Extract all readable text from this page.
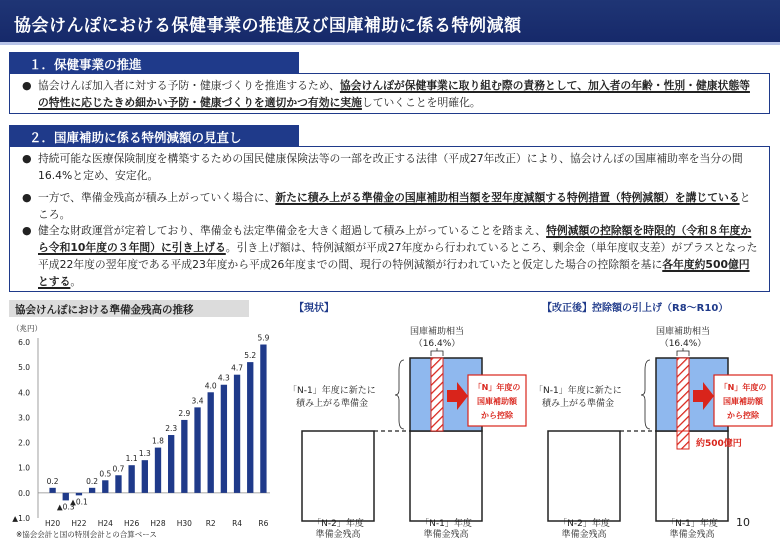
協会けんぽにおける保健事業の推進及び国庫補助に係る特例減額
１．保健事業の推進
● 協会けんぽ加入者に対する予防・健康づくりを推進するため、協会けんぽが保健事業に取り組む際の責務として、加入者の年齢・性別・健康状態等の特性に応じたきめ細かい予防・健康づくりを適切かつ有効に実施していくことを明確化。
２．国庫補助に係る特例減額の見直し
● 持続可能な医療保険制度を構築するための国民健康保険法等の一部を改正する法律（平成27年改正）により、協会けんぽの国庫補助率を当分の間16.4%と定め、安定化。
● 一方で、準備金残高が積み上がっていく場合に、新たに積み上がる準備金の国庫補助相当額を翌年度減額する特例措置（特例減額）を講じているところ。
● 健全な財政運営が定着しており、準備金も法定準備金を大きく超過して積み上がっていることを踏まえ、特例減額の控除額を時限的（令和８年度から令和10年度の３年間）に引き上げる。引き上げ額は、特例減額が平成27年度から行われているところ、剰余金（単年度収支差）がプラスとなった平成22年度の翌年度である平成23年度から平成26年度までの間、現行の特例減額が行われていたと仮定した場合の控除額を基に各年度約500億円とする。
協会けんぽにおける準備金残高の推移
（兆円）
6.0
5.0
4.0
3.0
2.0
1.0
0.0
▲1.0
0.2
▲0.3
▲0.1
0.2
0.5
0.7
1.1
1.3
1.8
2.3
2.9
3.4
4.0
4.3
4.7
5.2
5.9
H20 H22 H24 H26 H28 H30 R2 R4 R6
※協会会計と国の特別会計との合算ベース
【現状】	【改正後】控除額の引上げ（R8～R10）
国庫補助相当
（16.4%）
「N-1」年度に新たに
積み上がる準備金
「N」年度の
国庫補助額
から控除
「N-2」年度
準備金残高
「N-1」年度
準備金残高
国庫補助相当
（16.4%）
約500億円
「N-1」年度に新たに
積み上がる準備金
「N」年度の
国庫補助額
から控除
「N-2」年度
準備金残高
「N-1」年度
準備金残高
10
